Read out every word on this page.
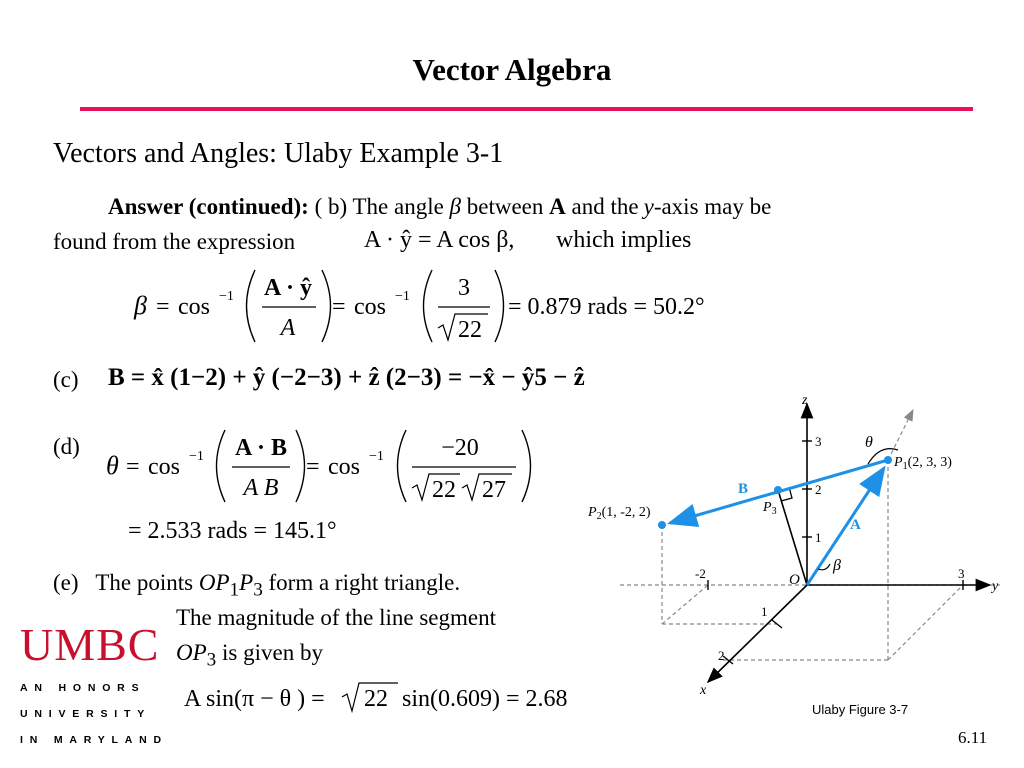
Vector Algebra
Vectors and Angles: Ulaby Example 3-1
Answer (continued): ( b) The angle β between A and the y-axis may be
found from the expression	A · ŷ = A cos β, which implies
β = cos −1 A · ŷ
A
= cos −1 3
22
= 0.879 rads = 50.2°
(c) B = x̂ (1−2) + ŷ (−2−3) + ẑ (2−3) = −x̂ − ŷ5 − ẑ
(d)
θ = cos −1 A · B
A B
= cos −1 −20
22 27
= 2.533 rads = 145.1°
(e) The points $OP_1P_3$ form a right triangle.
The magnitude of the line segment
$OP_3$ is given by
A sin(π − θ ) = 22 sin(0.609) = 2.68
UMBC
AN HONORS
UNIVERSITY
IN MARYLAND
z
y
x
O
3
2
1
-2	3
1
2
β
θ
A
B
$P_1(2$, 3, 3)
$P_2(1$, -2, 2)	$P_3$
Ulaby Figure 3-7
6.11
